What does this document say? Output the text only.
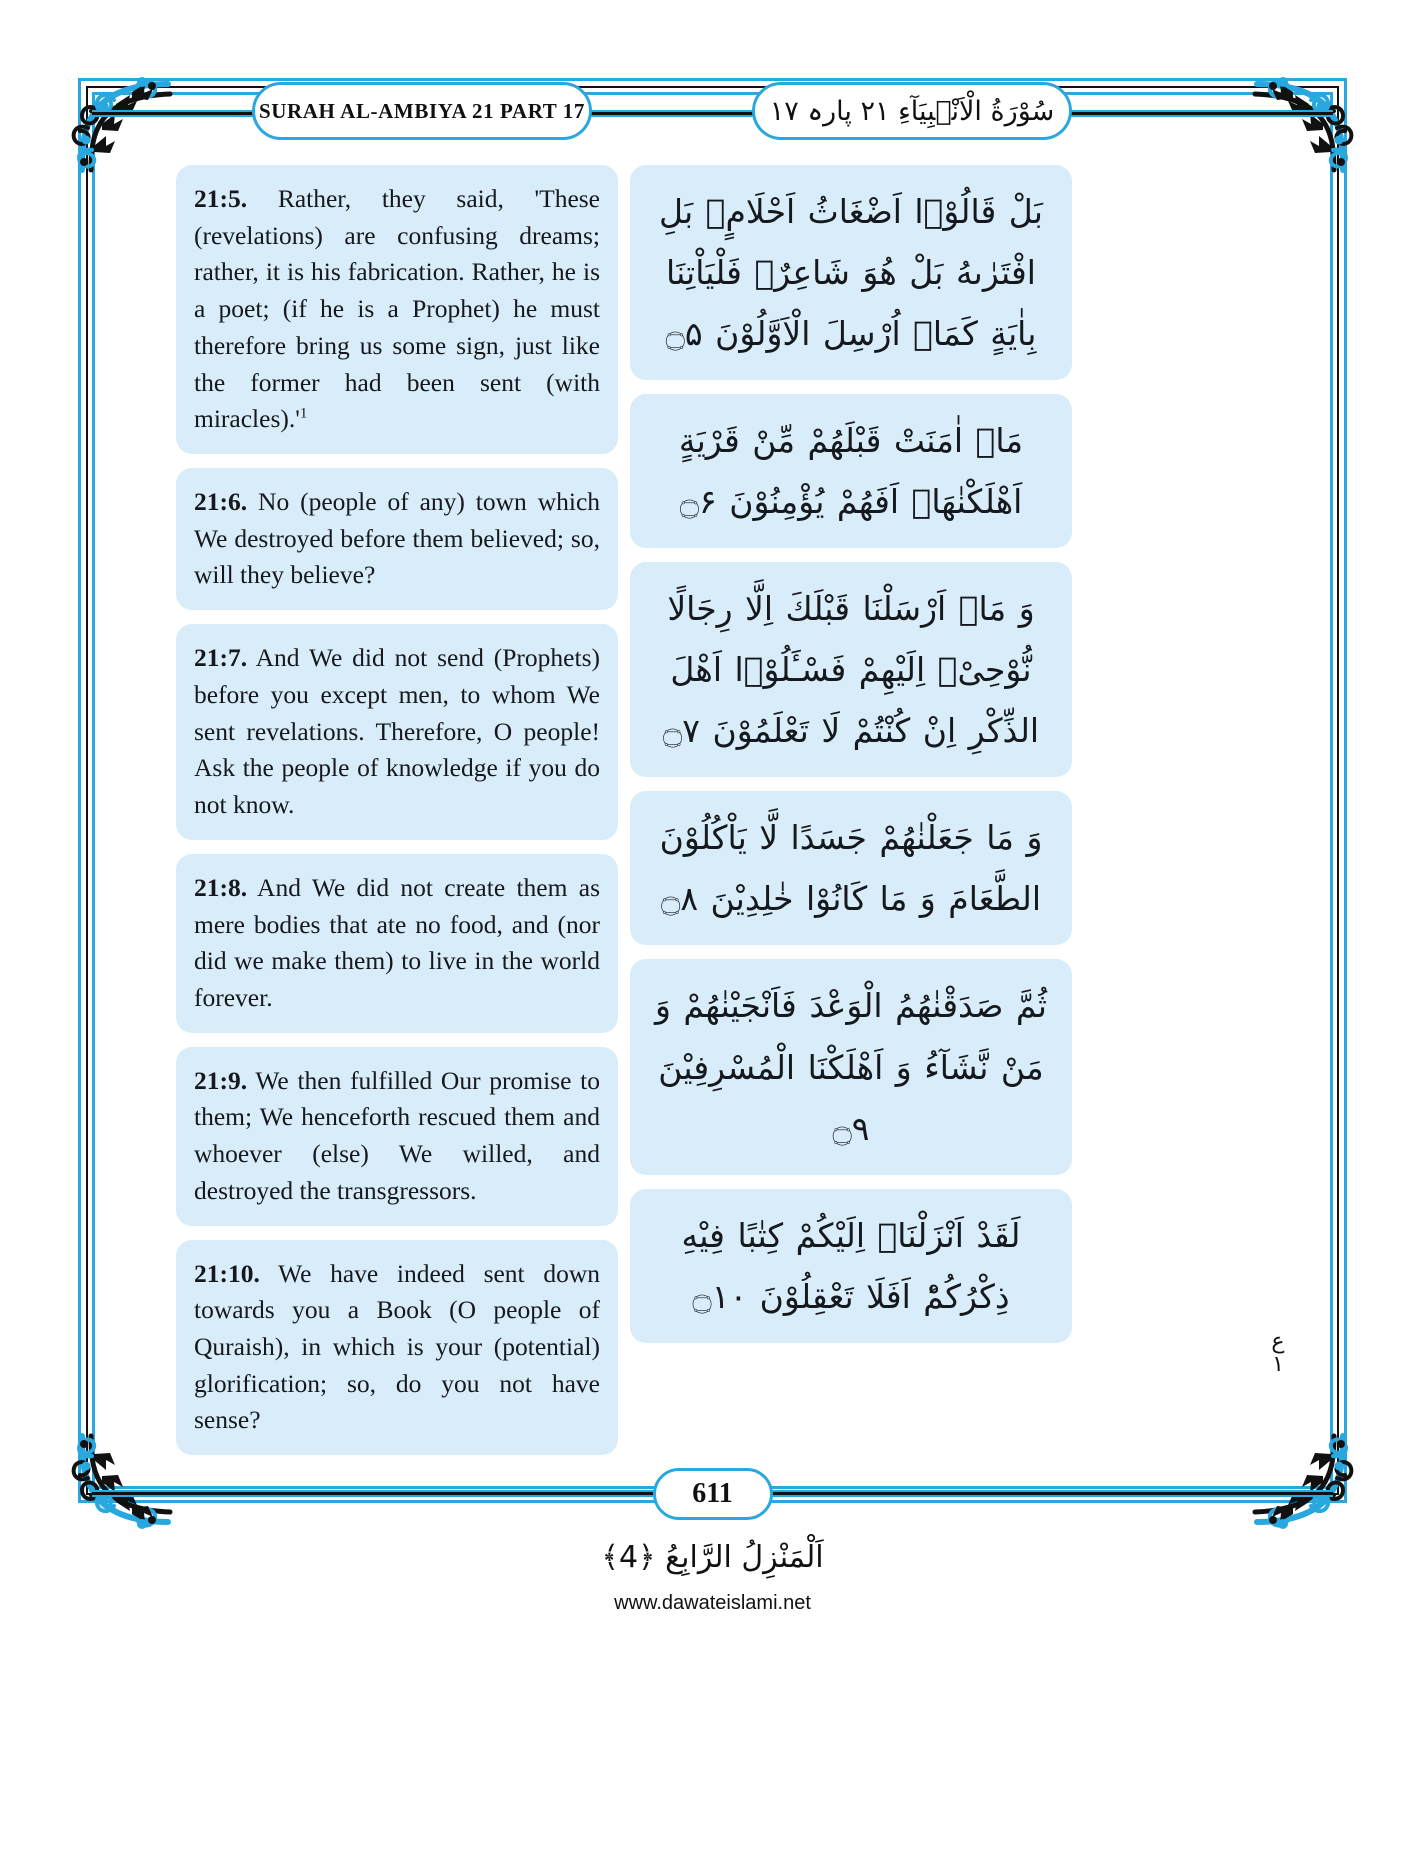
SURAH AL-AMBIYA 21 PART 17	سُوْرَةُ الْاَنْۢبِیَآءِ ۲۱ پارہ ۱۷
21:5. Rather, they said, 'These (revelations) are confusing dreams; rather, it is his fabrication. Rather, he is a poet; (if he is a Prophet) he must therefore bring us some sign, just like the former had been sent (with $miracles).'^1$
21:6. No (people of any) town which We destroyed before them believed; so, will they believe?
21:7. And We did not send (Prophets) before you except men, to whom We sent revelations. Therefore, O people! Ask the people of knowledge if you do not know.
21:8. And We did not create them as mere bodies that ate no food, and (nor did we make them) to live in the world forever.
21:9. We then fulfilled Our promise to them; We henceforth rescued them and whoever (else) We willed, and destroyed the transgressors.
21:10. We have indeed sent down towards you a Book (O people of Quraish), in which is your (potential) glorification; so, do you not have sense?
بَلْ قَالُوْۤا اَضْغَاثُ اَحْلَامٍۭ بَلِ افْتَرٰىهُ بَلْ هُوَ شَاعِرٌۚ فَلْیَاْتِنَا بِاٰیَةٍ كَمَاۤ اُرْسِلَ الْاَوَّلُوْنَ ۝۵
مَاۤ اٰمَنَتْ قَبْلَهُمْ مِّنْ قَرْیَةٍ اَهْلَكْنٰهَاۚ اَفَهُمْ یُؤْمِنُوْنَ ۝۶
وَ مَاۤ اَرْسَلْنَا قَبْلَكَ اِلَّا رِجَالًا نُّوْحِیْۤ اِلَیْهِمْ فَسْـَٔلُوْۤا اَهْلَ الذِّكْرِ اِنْ كُنْتُمْ لَا تَعْلَمُوْنَ ۝۷
وَ مَا جَعَلْنٰهُمْ جَسَدًا لَّا یَاْكُلُوْنَ الطَّعَامَ وَ مَا كَانُوْا خٰلِدِیْنَ ۝۸
ثُمَّ صَدَقْنٰهُمُ الْوَعْدَ فَاَنْجَیْنٰهُمْ وَ مَنْ نَّشَآءُ وَ اَهْلَكْنَا الْمُسْرِفِیْنَ ۝۹
لَقَدْ اَنْزَلْنَاۤ اِلَیْكُمْ كِتٰبًا فِیْهِ ذِكْرُكُمْؕ اَفَلَا تَعْقِلُوْنَ ۝۱۰
ع
۱
611
اَلْمَنْزِلُ الرَّابِعُ ﴿4﴾
www.dawateislami.net
